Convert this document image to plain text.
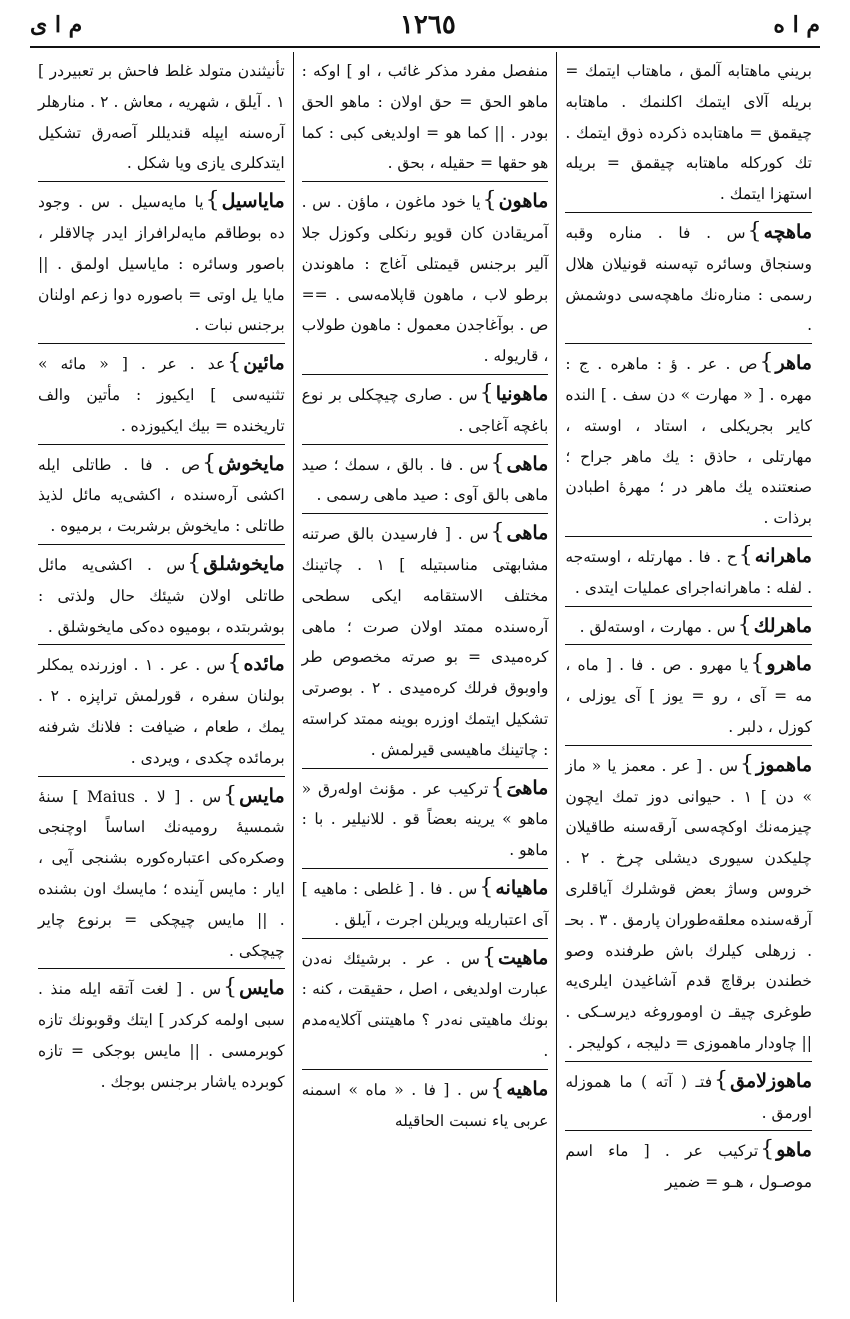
م ا ه
١٢٦٥
م ا ى
بريني ماهتابه آلمق ، ماهتاب ايتمك = بريله آلاى ايتمك اكلنمك . ماهتابه چيقمق = ماهتابده ذكرده ذوق ايتمك . تك كوركله ماهتابه چيقمق = بريله استهزا ايتمك .
ماهچه}س . فا . مناره وقبه وسنجاق وسائره تپه‌سنه قونيلان هلال رسمى : مناره‌نك ماهچه‌سى دوشمش .
ماهر}ص . عر . ؤ : ماهره . ج : مهره . [ « مهارت » دن سف . ] النده كاير بجريكلى ، استاد ، اوسته ، مهارتلى ، حاذق : يك ماهر جراح ؛ صنعتنده يك ماهر در ؛ مهرهٔ اطبادن برذات .
ماهرانه}ح . فا . مهارتله ، اوسته‌جه . لفله : ماهرانه‌اجراى عمليات ايتدى .
ماهرلك}س . مهارت ، اوسته‌لق .
ماهرو}يا مهرو . ص . فا . [ ماه ، مه = آى ، رو = يوز ] آى يوزلى ، كوزل ، دلبر .
ماهموز}س . [ عر . معمز يا « ماز » دن ] ١ . حيوانى دوز تمك ايچون چيزمه‌نك اوكچه‌سى آرقه‌سنه طاقيلان چليكدن سيورى ديشلى چرخ . ٢ . خروس وساژ بعض قوشلرك آياقلرى آرقه‌سنده معلقه‌طوران پارمق . ٣ . بحـ . زرهلى كيلرك باش طرفنده وصو خطندن برقاچ قدم آشاغيدن ايلرى‌يه طوغرى چيقـ ن اوموروغه ديرسـكى . || چاودار ماهموزى = دليجه ، كوليجر .
ماهوزلامق}فتـ ( آته ) ما هموزله اورمق .
ماهو}تركيب عر . [ ماء اسم موصـول ، هـو = ضمير
منفصل مفرد مذكر غائب ، او ] اوكه : ماهو الحق = حق اولان : ماهو الحق بودر . || كما هو = اولديغى كبى : كما هو حقها = حقيله ، بحق .
ماهون}يا خود ماغون ، ماؤن . س . آمريقادن كان قويو رنكلى وكوزل جلا آلير برجنس قيمتلى آغاج : ماهوندن برطو لاب ، ماهون قاپلامه‌سى . == ص . بوآغاجدن معمول : ماهون طولاب ، قاريوله .
ماهونيا}س . صارى چيچكلى بر نوع باغچه آغاجى .
ماهى}س . فا . بالق ، سمك ؛ صيد ماهى بالق آوى : صيد ماهى رسمى .
ماهى}س . [ فارسيدن بالق صرتنه مشابهتى مناسبتيله ] ١ . چاتينك مختلف الاستقامه ايكى سطحى آره‌سنده ممتد اولان صرت ؛ ماهى كره‌ميدى = بو صرته مخصوص طر واوبوق فرلك كره‌ميدى . ٢ . بوصرتى تشكيل ايتمك اوزره بوينه ممتد كراسته : چاتينك ماهيسى قيرلمش .
ماهىَ}تركيب عر . مؤنث اوله‌رق « ماهو » يرينه بعضاً قو . للانيلير . با : ماهو .
ماهيانه}س . فا . [ غلطى : ماهيه ] آى اعتباريله ويريلن اجرت ، آيلق .
ماهيت}س . عر . برشيئك نه‌دن عبارت اولديغى ، اصل ، حقيقت ، كنه : بونك ماهيتى نه‌در ؟ ماهيتنى آكلايه‌مدم .
ماهيه}س . [ فا . « ماه » اسمنه عربى ياء نسبت الحاقيله
تأنيثندن متولد غلط فاحش بر تعبيردر ] ١ . آيلق ، شهريه ، معاش . ٢ . منارهلر آره‌سنه ايپله قنديللر آصه‌رق تشكيل ايتدكلرى يازى ويا شكل .
ماياسيل}يا مايه‌سيل . س . وجود ده بوطاقم مايه‌لرافراز ايدر چالاقلر ، باصور وسائره : ماياسيل اولمق . || مايا يل اوتى = باصوره دوا زعم اولنان برجنس نبات .
مائين}عد . عر . [ « مائه » تثنيه‌سى ] ايكيوز : مأتين والف تاريخنده = بيك ايكيوزده .
مايخوش}ص . فا . طاتلى ايله اكشى آره‌سنده ، اكشى‌يه مائل لذيذ طاتلى : مايخوش برشربت ، برميوه .
مايخوشلق}س . اكشى‌يه مائل طاتلى اولان شيئك حال ولذتى : بوشربتده ، بوميوه ده‌كى مايخوشلق .
مائده}س . عر . ١ . اوزرنده يمكلر بولنان سفره ، قورلمش تراپزه . ٢ . يمك ، طعام ، ضيافت : فلانك شرفنه برمائده چكدى ، ويردى .
مايس}س . [ لا . Maius ] سنهٔ شمسيهٔ روميه‌نك اساساً اوچنجى وصكره‌كى اعتباره‌كوره بشنجى آيى ، ايار : مايس آينده ؛ مايسك اون بشنده . || مايس چيچكى = برنوع چاير چيچكى .
مايس}س . [ لغت آتقه ايله منذ . سبى اولمه كركدر ] ايتك وقوبونك تازه كوبرمسى . || مايس بوجكى = تازه كوبرده ياشار برجنس بوجك .
